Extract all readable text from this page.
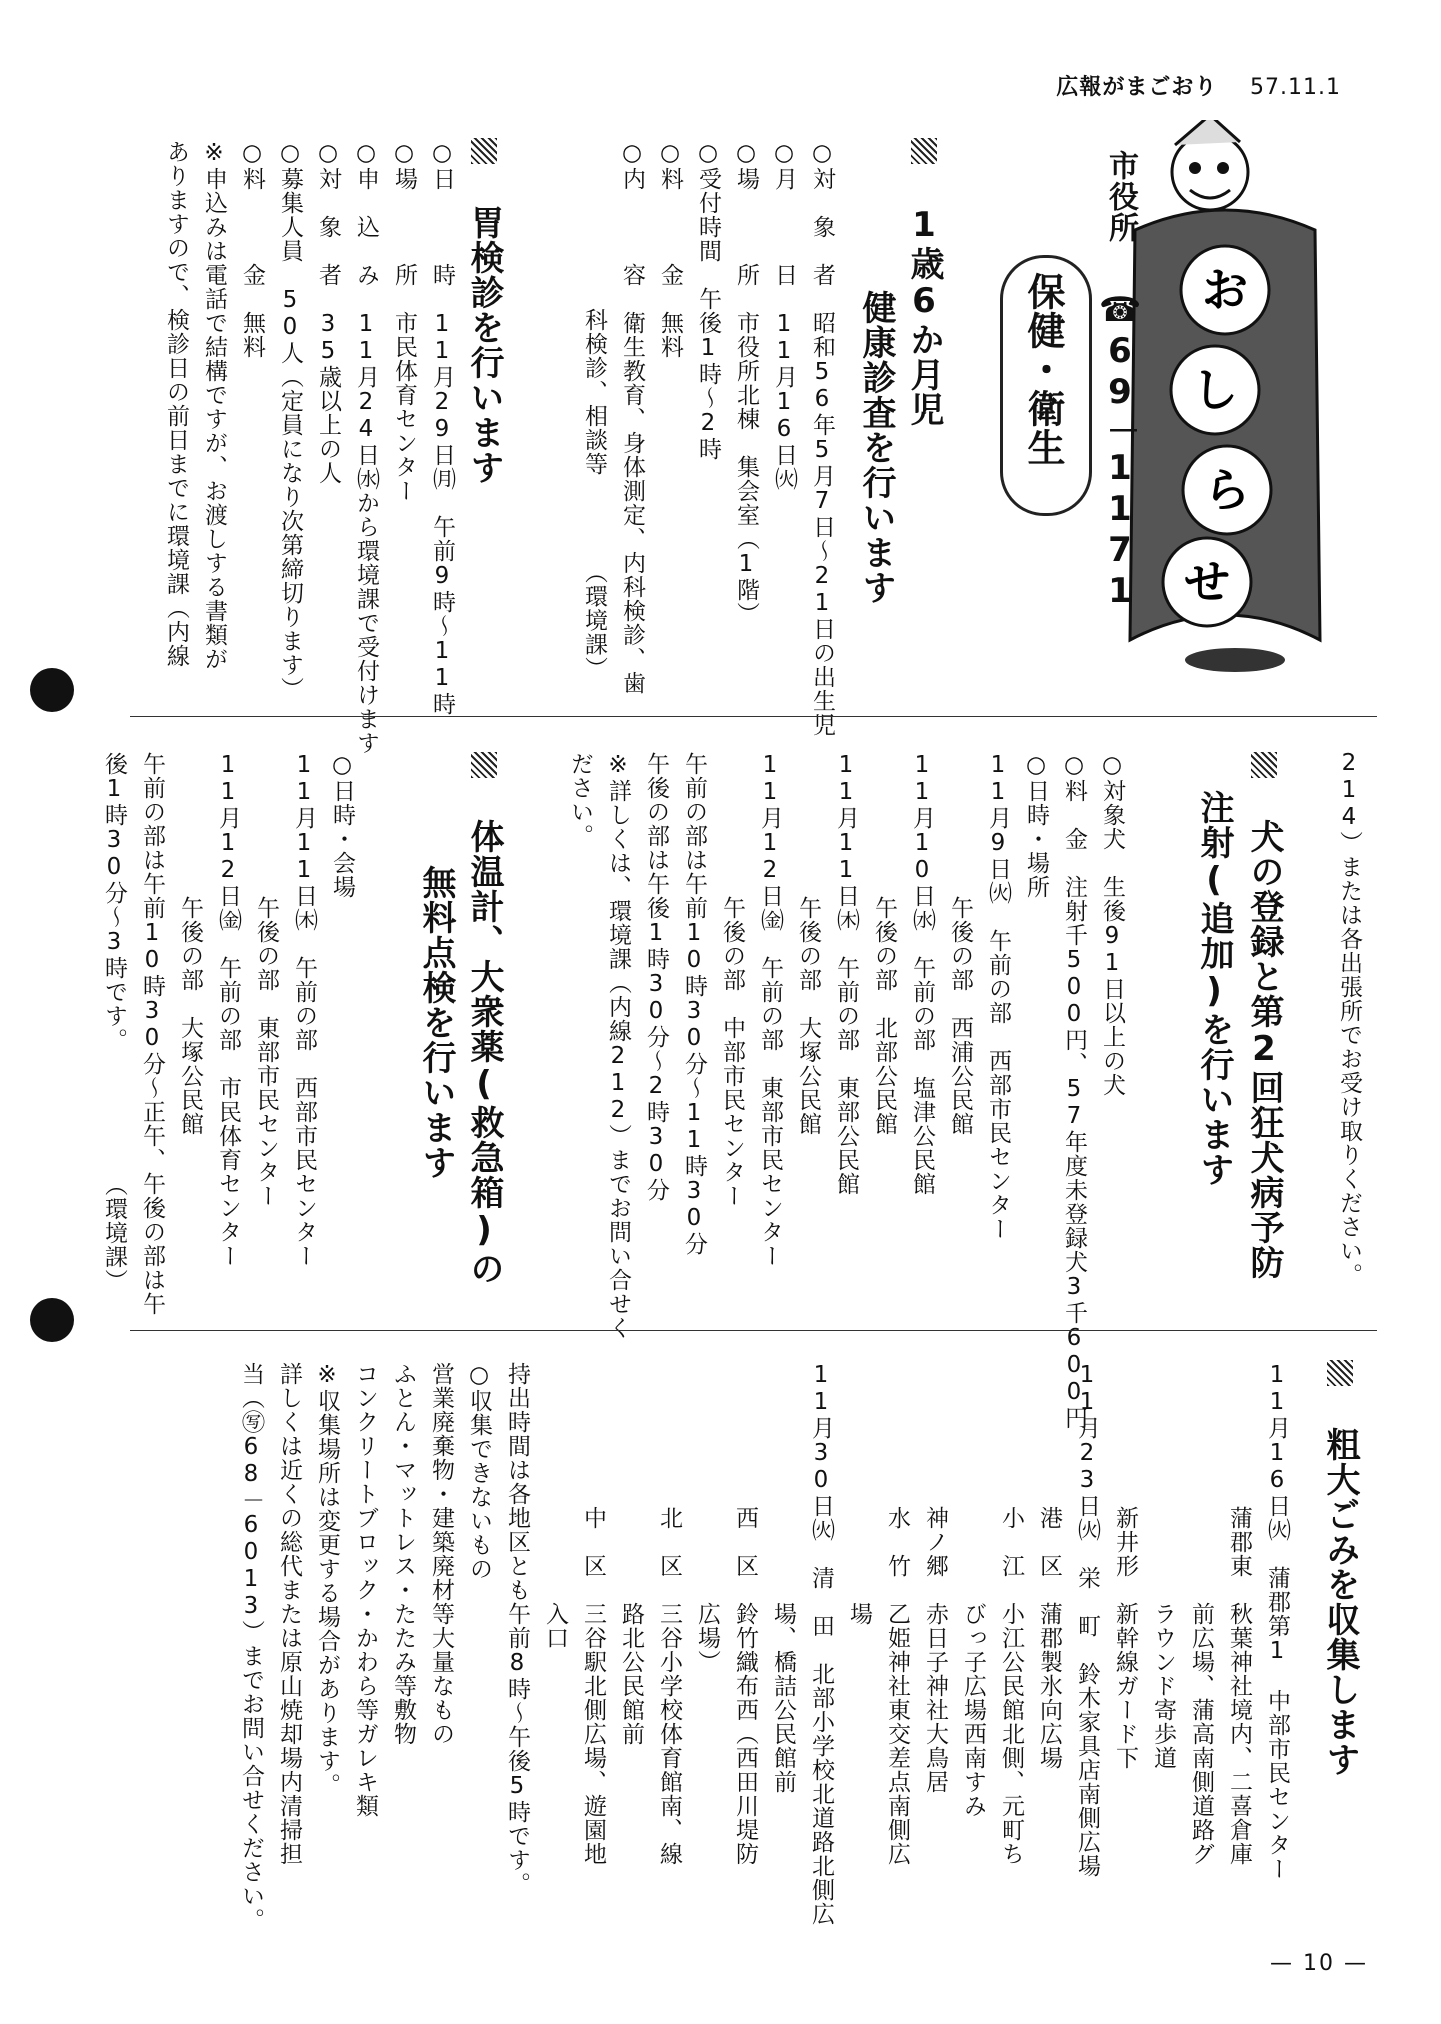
広報がまごおり 57.11.1
お
し
ら
せ
市役所
☎69－1171
保健・衛生
1歳6か月児
健康診査を行います
○対　象　者　昭和56年5月7日～21日の出生児
○月　　　日　11月16日㈫
○場　　　所　市役所北棟　集会室（1階）
○受付時間　午後1時～2時
○料　　　金　無料
○内　　　容　衛生教育、身体測定、内科検診、歯
　　　　　　　科検診、相談等　　　　（環境課）
胃検診を行います
○日　　　時　11月29日㈪　午前9時～11時
○場　　　所　市民体育センター
○申　込　み　11月24日㈬から環境課で受付けます
○対　象　者　35歳以上の人
○募集人員　50人（定員になり次第締切ります）
○料　　　金　無料
※申込みは電話で結構ですが、お渡しする書類が
ありますので、検診日の前日までに環境課（内線
214）または各出張所でお受け取りください。
犬の登録と第2回狂犬病予防
注射(追加)を行います
○対象犬　生後91日以上の犬
○料　金　注射千500円、57年度未登録犬3千600円
○日時・場所
11月9日㈫　午前の部　西部市民センター
　　　　　　午後の部　西浦公民館
11月10日㈬　午前の部　塩津公民館
　　　　　　午後の部　北部公民館
11月11日㈭　午前の部　東部公民館
　　　　　　午後の部　大塚公民館
11月12日㈮　午前の部　東部市民センター
　　　　　　午後の部　中部市民センター
午前の部は午前10時30分～11時30分
午後の部は午後1時30分～2時30分
※詳しくは、環境課（内線212）までお問い合せく
ださい。
体温計、大衆薬(救急箱)の
無料点検を行います
○日時・会場
11月11日㈭　午前の部　西部市民センター
　　　　　　午後の部　東部市民センター
11月12日㈮　午前の部　市民体育センター
　　　　　　午後の部　大塚公民館
午前の部は午前10時30分～正午、午後の部は午
後1時30分～3時です。　　　　　　（環境課）
粗大ごみを収集します
11月16日㈫　蒲郡第1　中部市民センター
　　　　　　蒲郡東　秋葉神社境内、二喜倉庫
　　　　　　　　　　前広場、蒲高南側道路グ
　　　　　　　　　　ラウンド寄歩道
　　　　　　新井形　新幹線ガード下
11月23日㈫　栄　町　鈴木家具店南側広場
　　　　　　港　区　蒲郡製氷向広場
　　　　　　小　江　小江公民館北側、元町ち
　　　　　　　　　　びっ子広場西南すみ
　　　　　　神ノ郷　赤日子神社大鳥居
　　　　　　水　竹　乙姫神社東交差点南側広
　　　　　　　　　　場
11月30日㈫　清　田　北部小学校北道路北側広
　　　　　　　　　　場、橋詰公民館前
　　　　　　西　区　鈴竹織布西（西田川堤防
　　　　　　　　　　広場）
　　　　　　北　区　三谷小学校体育館南、線
　　　　　　　　　　路北公民館前
　　　　　　中　区　三谷駅北側広場、遊園地
　　　　　　　　　　入口
持出時間は各地区とも午前8時～午後5時です。
○収集できないもの
営業廃棄物・建築廃材等大量なもの
ふとん・マットレス・たたみ等敷物
コンクリートブロック・かわら等ガレキ類
※収集場所は変更する場合があります。
詳しくは近くの総代または原山焼却場内清掃担
当（㊢68－6013）までお問い合せください。
— 10 —
